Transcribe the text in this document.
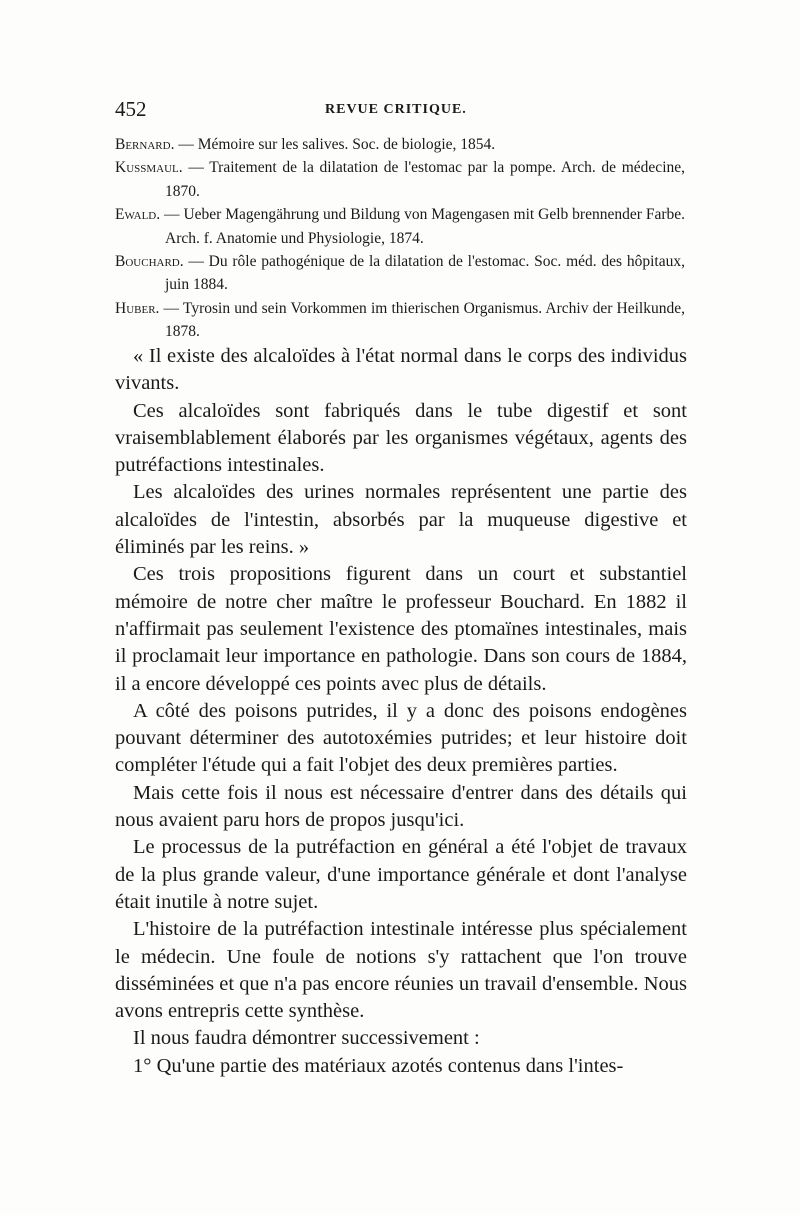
452	REVUE CRITIQUE.
Bernard. — Mémoire sur les salives. Soc. de biologie, 1854.
Kussmaul. — Traitement de la dilatation de l'estomac par la pompe. Arch. de médecine, 1870.
Ewald. — Ueber Magengährung und Bildung von Magengasen mit Gelb brennender Farbe. Arch. f. Anatomie und Physiologie, 1874.
Bouchard. — Du rôle pathogénique de la dilatation de l'estomac. Soc. méd. des hôpitaux, juin 1884.
Huber. — Tyrosin und sein Vorkommen im thierischen Organismus. Archiv der Heilkunde, 1878.

« Il existe des alcaloïdes à l'état normal dans le corps des individus vivants.

Ces alcaloïdes sont fabriqués dans le tube digestif et sont vraisemblablement élaborés par les organismes végétaux, agents des putréfactions intestinales.

Les alcaloïdes des urines normales représentent une partie des alcaloïdes de l'intestin, absorbés par la muqueuse digestive et éliminés par les reins. »

Ces trois propositions figurent dans un court et substantiel mémoire de notre cher maître le professeur Bouchard. En 1882 il n'affirmait pas seulement l'existence des ptomaïnes intestinales, mais il proclamait leur importance en pathologie. Dans son cours de 1884, il a encore développé ces points avec plus de détails.

A côté des poisons putrides, il y a donc des poisons endogènes pouvant déterminer des autotoxémies putrides; et leur histoire doit compléter l'étude qui a fait l'objet des deux premières parties.

Mais cette fois il nous est nécessaire d'entrer dans des détails qui nous avaient paru hors de propos jusqu'ici.

Le processus de la putréfaction en général a été l'objet de travaux de la plus grande valeur, d'une importance générale et dont l'analyse était inutile à notre sujet.

L'histoire de la putréfaction intestinale intéresse plus spécialement le médecin. Une foule de notions s'y rattachent que l'on trouve disséminées et que n'a pas encore réunies un travail d'ensemble. Nous avons entrepris cette synthèse.

Il nous faudra démontrer successivement :

1° Qu'une partie des matériaux azotés contenus dans l'intes-
